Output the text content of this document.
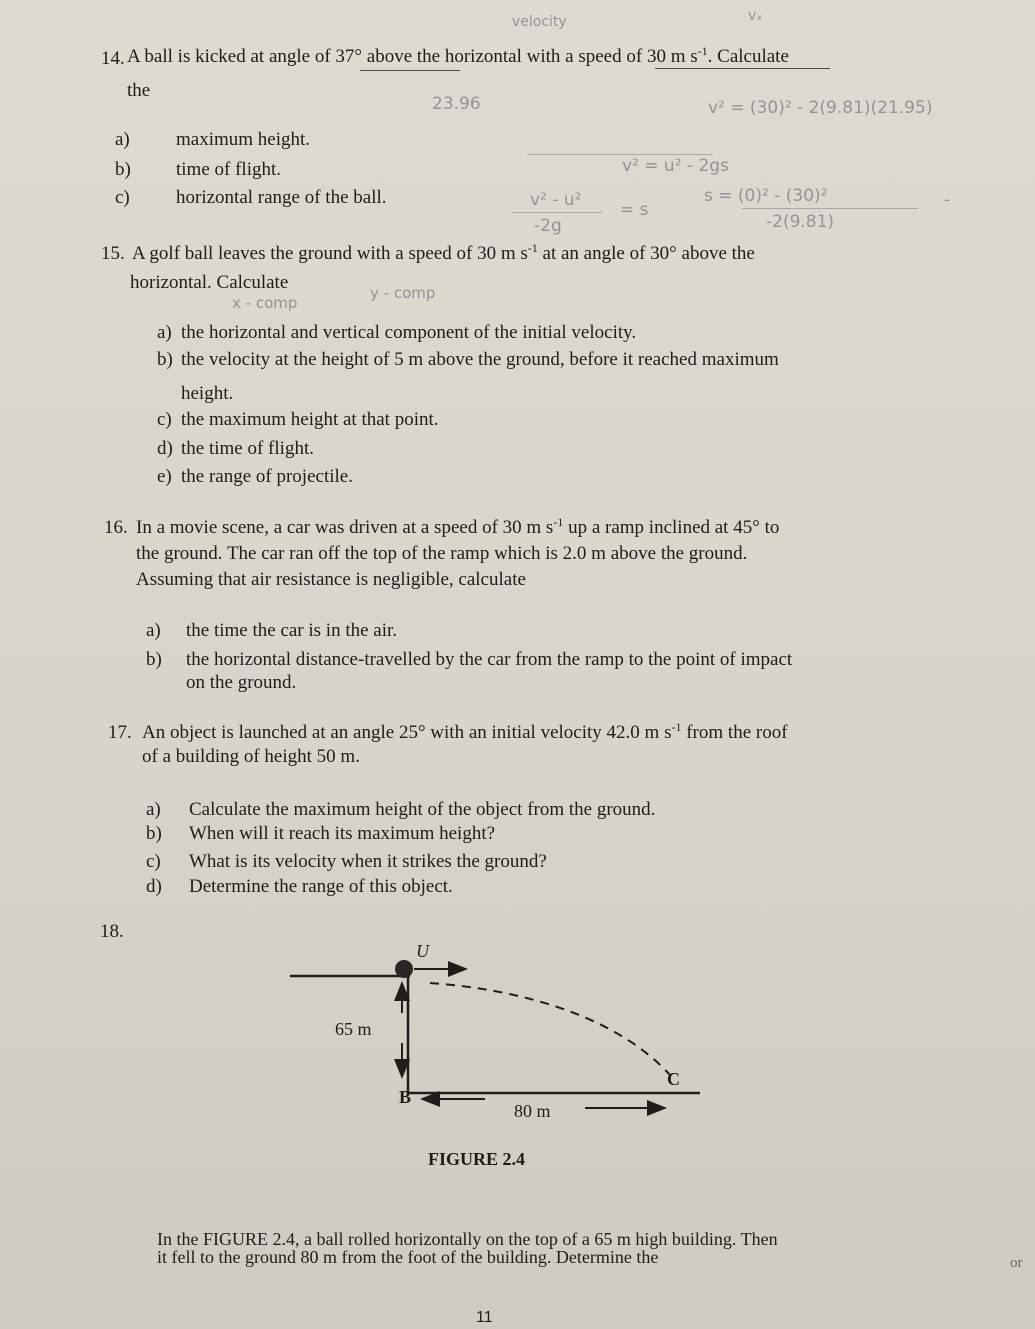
velocity	vₓ
23.96	v² = (30)² - 2(9.81)(21.95)
v² = u² - 2gs
v² - u²
-2g
= s
s = (0)² - (30)²
-2(9.81)
-
x - comp
y - comp
14. A ball is kicked at angle of 37° above the horizontal with a speed of 30 m $s^{-1}$. Calculate
the
a) maximum height.
b) time of flight.
c) horizontal range of the ball.
15. A golf ball leaves the ground with a speed of 30 m $s^{-1}$ at an angle of 30° above the
horizontal. Calculate
a) the horizontal and vertical component of the initial velocity.
b) the velocity at the height of 5 m above the ground, before it reached maximum
height.
c) the maximum height at that point.
d) the time of flight.
e) the range of projectile.
16. In a movie scene, a car was driven at a speed of 30 m $s^{-1}$ up a ramp inclined at 45° to
the ground. The car ran off the top of the ramp which is 2.0 m above the ground.
Assuming that air resistance is negligible, calculate
a) the time the car is in the air.
b) the horizontal distance-travelled by the car from the ramp to the point of impact
on the ground.
17. An object is launched at an angle 25° with an initial velocity 42.0 m $s^{-1}$ from the roof
of a building of height 50 m.
a) Calculate the maximum height of the object from the ground.
b) When will it reach its maximum height?
c) What is its velocity when it strikes the ground?
d) Determine the range of this object.
18.
U
65 m
B
80 m
C
FIGURE 2.4
In the FIGURE 2.4, a ball rolled horizontally on the top of a 65 m high building. Then
it fell to the ground 80 m from the foot of the building. Determine the	or
11
